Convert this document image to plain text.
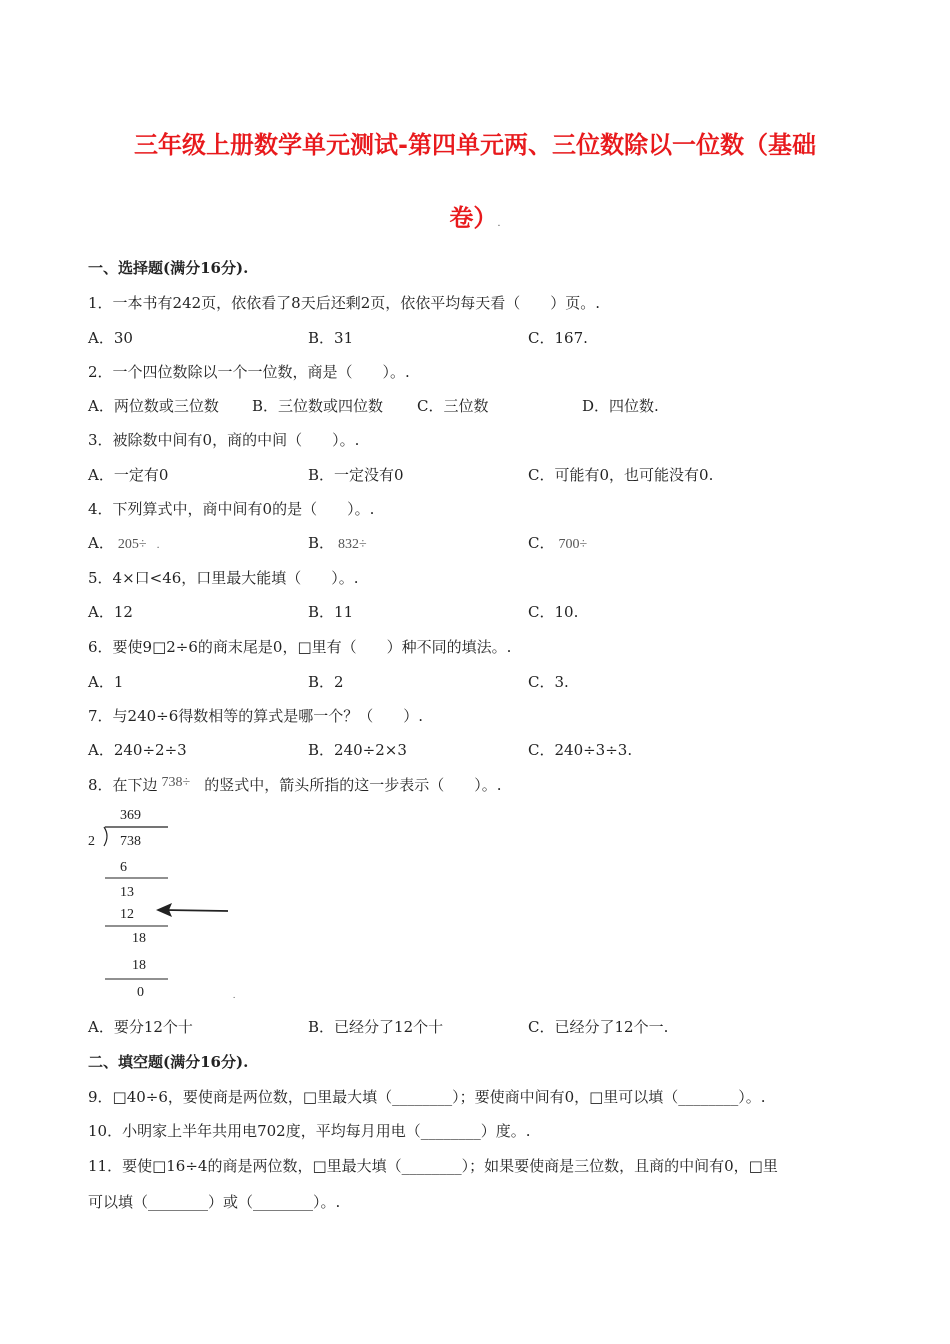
三年级上册数学单元测试-第四单元两、三位数除以一位数（基础
卷）.
一、选择题(满分16分).
1．一本书有242页，依依看了8天后还剩2页，依依平均每天看（　　）页。.
A．30	B．31	C．167.
2．一个四位数除以一个一位数，商是（　　）。.
A．两位数或三位数 B．三位数或四位数 C．三位数	D．四位数.
3．被除数中间有0，商的中间（　　）。.
A．一定有0	B．一定没有0	C．可能有0，也可能没有0.
4．下列算式中，商中间有0的是（　　）。.
A． 205÷ .	B． 832÷	C． 700÷
5．4×口<46，口里最大能填（　　）。.
A．12	B．11	C．10.
6．要使9□2÷6的商末尾是0，□里有（　　）种不同的填法。.
A．1	B．2	C．3.
7．与240÷6得数相等的算式是哪一个？（　　）.
A．240÷2÷3	B．240÷2×3	C．240÷3÷3.
8．在下边 738÷ 的竖式中，箭头所指的这一步表示（　　）。.
369
2 738
6
13
12
18
18
0	.
A．要分12个十	B．已经分了12个十	C．已经分了12个一.
二、填空题(满分16分).
9．□40÷6，要使商是两位数，□里最大填（________）；要使商中间有0，□里可以填（________）。.
10．小明家上半年共用电702度，平均每月用电（________）度。.
11．要使□16÷4的商是两位数，□里最大填（________）；如果要使商是三位数，且商的中间有0，□里
可以填（________）或（________）。.
